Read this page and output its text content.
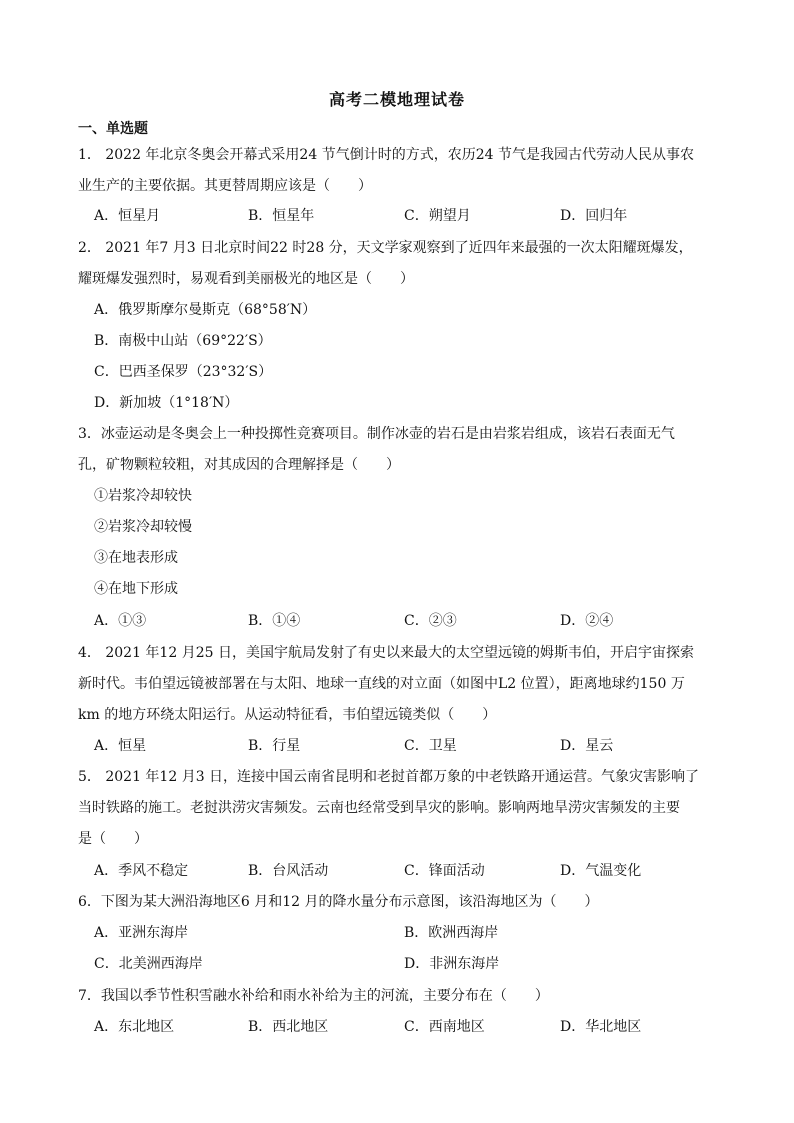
高考二模地理试卷
一、单选题
1． 2022 年北京冬奥会开幕式采用24 节气倒计时的方式，农历24 节气是我园古代劳动人民从事农
业生产的主要依据。其更替周期应该是（　　）
A．恒星月	B．恒星年	C．朔望月	D．回归年
2． 2021 年7 月3 日北京时间22 时28 分，天文学家观察到了近四年来最强的一次太阳耀斑爆发，
耀斑爆发强烈时，易观看到美丽极光的地区是（　　）
A．俄罗斯摩尔曼斯克（68°58′N）
B．南极中山站（69°22′S）
C．巴西圣保罗（23°32′S）
D．新加坡（1°18′N）
3．冰壶运动是冬奥会上一种投掷性竞赛项目。制作冰壶的岩石是由岩浆岩组成，该岩石表面无气
孔，矿物颗粒较粗，对其成因的合理解择是（　　）
①岩浆冷却较快
②岩浆冷却较慢
③在地表形成
④在地下形成
A．①③	B．①④	C．②③	D．②④
4． 2021 年12 月25 日，美国宇航局发射了有史以来最大的太空望远镜的姆斯韦伯，开启宇宙探索
新时代。韦伯望远镜被部署在与太阳、地球一直线的对立面（如图中L2 位置），距离地球约150 万
km 的地方环绕太阳运行。从运动特征看，韦伯望远镜类似（　　）
A．恒星	B．行星	C．卫星	D．星云
5． 2021 年12 月3 日，连接中国云南省昆明和老挝首都万象的中老铁路开通运营。气象灾害影响了
当时铁路的施工。老挝洪涝灾害频发。云南也经常受到旱灾的影响。影响两地旱涝灾害频发的主要
是（　　）
A．季风不稳定	B．台风活动	C．锋面活动	D．气温变化
6．下图为某大洲沿海地区6 月和12 月的降水量分布示意图，该沿海地区为（　　）
A．亚洲东海岸	B．欧洲西海岸
C．北美洲西海岸	D．非洲东海岸
7．我国以季节性积雪融水补给和雨水补给为主的河流，主要分布在（　　）
A．东北地区	B．西北地区	C．西南地区	D．华北地区
